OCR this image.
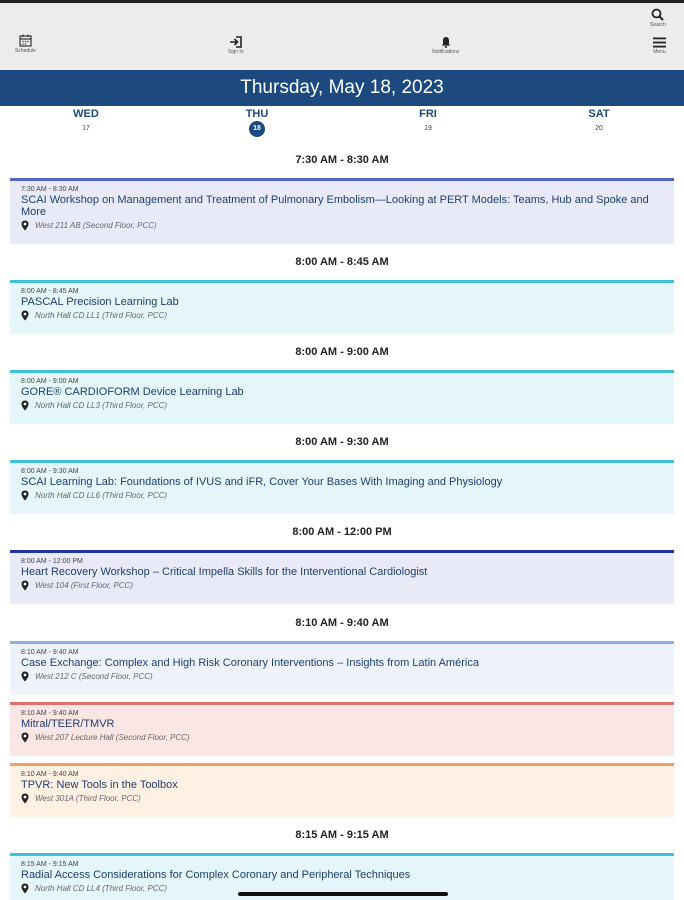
Schedule	Sign In	Notifications
Search
Menu
Thursday, May 18, 2023
WED
17
THU
18
FRI
19
SAT
20
7:30 AM - 8:30 AM
7:30 AM - 8:30 AM
SCAI Workshop on Management and Treatment of Pulmonary Embolism—Looking at PERT Models: Teams, Hub and Spoke and More
West 211 AB (Second Floor, PCC)
8:00 AM - 8:45 AM
8:00 AM - 8:45 AM
PASCAL Precision Learning Lab
North Hall CD LL1 (Third Floor, PCC)
8:00 AM - 9:00 AM
8:00 AM - 9:00 AM
GORE® CARDIOFORM Device Learning Lab
North Hall CD LL3 (Third Floor, PCC)
8:00 AM - 9:30 AM
8:00 AM - 9:30 AM
SCAI Learning Lab: Foundations of IVUS and iFR, Cover Your Bases With Imaging and Physiology
North Hall CD LL6 (Third Floor, PCC)
8:00 AM - 12:00 PM
8:00 AM - 12:00 PM
Heart Recovery Workshop – Critical Impella Skills for the Interventional Cardiologist
West 104 (First Floor, PCC)
8:10 AM - 9:40 AM
8:10 AM - 9:40 AM
Case Exchange: Complex and High Risk Coronary Interventions – Insights from Latin América
West 212 C (Second Floor, PCC)
8:10 AM - 9:40 AM
Mitral/TEER/TMVR
West 207 Lecture Hall (Second Floor, PCC)
8:10 AM - 9:40 AM
TPVR: New Tools in the Toolbox
West 301A (Third Floor, PCC)
8:15 AM - 9:15 AM
8:15 AM - 9:15 AM
Radial Access Considerations for Complex Coronary and Peripheral Techniques
North Hall CD LL4 (Third Floor, PCC)
